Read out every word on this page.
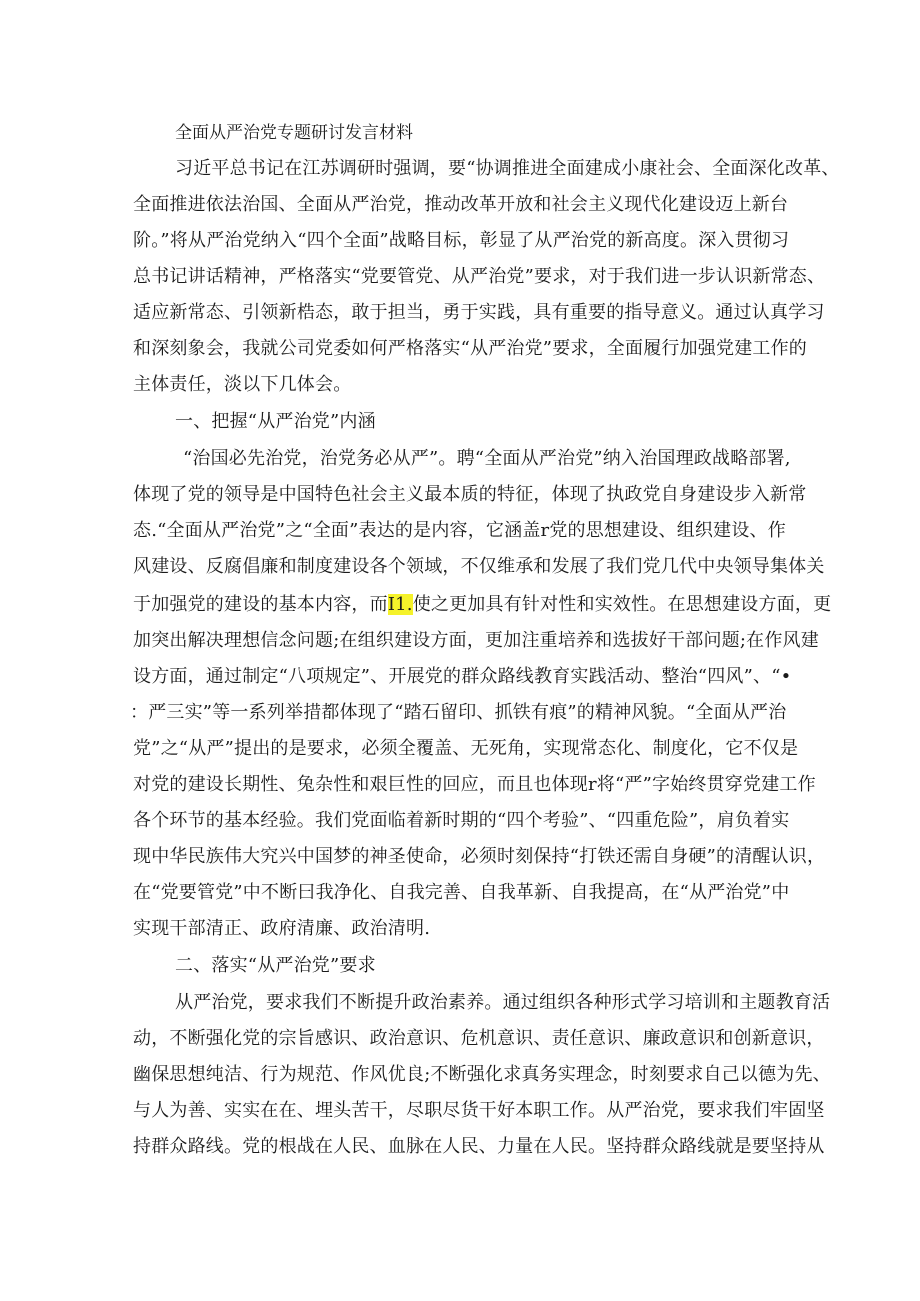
全面从严治党专题研讨发言材料
习近平总书记在江苏调研时强调，要“协调推进全面建成小康社会、全面深化改革、
全面推进依法治国、全面从严治党，推动改革开放和社会主义现代化建设迈上新台
阶。”将从严治党纳入“四个全面”战略目标，彰显了从严治党的新高度。深入贯彻习
总书记讲话精神，严格落实“党要管党、从严治党”要求，对于我们进一步认识新常态、
适应新常态、引领新梏态，敢于担当，勇于实践，具有重要的指导意义。通过认真学习
和深刻象会，我就公司党委如何严格落实“从严治党”要求，全面履行加强党建工作的
主体责任，淡以下几体会。
一、把握“从严治党”内涵
“治国必先治党，治党务必从严”。聘“全面从严治党”纳入治国理政战略部署,
体现了党的领导是中国特色社会主义最本质的特征，体现了执政党自身建设步入新常
态.“全面从严治党”之“全面”表达的是内容，它涵盖r党的思想建设、组织建设、作
风建设、反腐倡廉和制度建设各个领域，不仅维承和发展了我们党几代中央领导集体关
于加强党的建设的基本内容，而I1.使之更加具有针对性和实效性。在思想建设方面，更
加突出解决理想信念问题;在组织建设方面，更加注重培养和选拔好干部问题;在作风建
设方面，通过制定“八项规定”、开展党的群众路线教育实践活动、整治“四风”、“•
：严三实”等一系列举措都体现了“踏石留印、抓铁有痕”的精神风貌。“全面从严治
党”之“从严”提出的是要求，必须全覆盖、无死角，实现常态化、制度化，它不仅是
对党的建设长期性、兔杂性和艰巨性的回应，而且也体现r将“严”字始终贯穿党建工作
各个环节的基本经验。我们党面临着新时期的“四个考验”、“四重危险”，肩负着实
现中华民族伟大究兴中国梦的神圣使命，必须时刻保持“打铁还需自身硬”的清醒认识，
在“党要管党”中不断曰我净化、自我完善、自我革新、自我提高，在“从严治党”中
实现干部清正、政府清廉、政治清明.
二、落实“从严治党”要求
从严治党，要求我们不断提升政治素养。通过组织各种形式学习培训和主题教育活
动，不断强化党的宗旨感识、政治意识、危机意识、责任意识、廉政意识和创新意识，
幽保思想纯洁、行为规范、作风优良;不断强化求真务实理念，时刻要求自己以德为先、
与人为善、实实在在、埋头苦干，尽职尽货干好本职工作。从严治党，要求我们牢固坚
持群众路线。党的根战在人民、血脉在人民、力量在人民。坚持群众路线就是要坚持从
